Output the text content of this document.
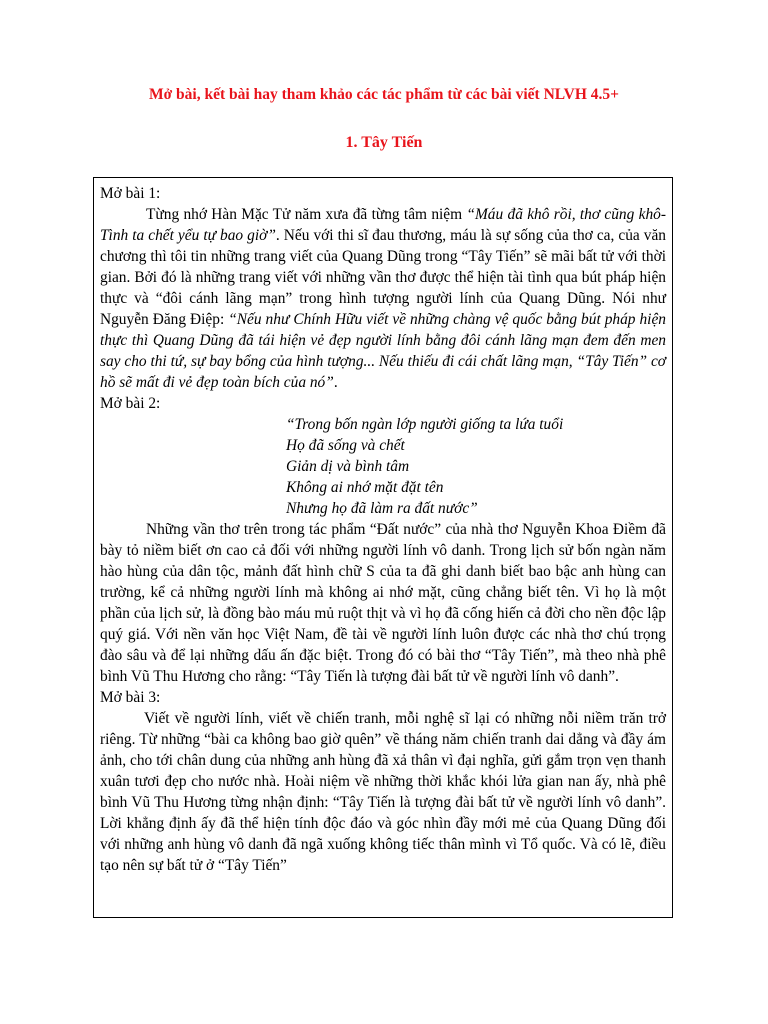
Mở bài, kết bài hay tham khảo các tác phẩm từ các bài viết NLVH 4.5+
1. Tây Tiến

Mở bài 1:

Từng nhớ Hàn Mặc Tử năm xưa đã từng tâm niệm “Máu đã khô rồi, thơ cũng khô-Tình ta chết yểu tự bao giờ”. Nếu với thi sĩ đau thương, máu là sự sống của thơ ca, của văn chương thì tôi tin những trang viết của Quang Dũng trong “Tây Tiến” sẽ mãi bất tử với thời gian. Bởi đó là những trang viết với những vần thơ được thể hiện tài tình qua bút pháp hiện thực và “đôi cánh lãng mạn” trong hình tượng người lính của Quang Dũng. Nói như Nguyễn Đăng Điệp: “Nếu như Chính Hữu viết về những chàng vệ quốc bằng bút pháp hiện thực thì Quang Dũng đã tái hiện vẻ đẹp người lính bằng đôi cánh lãng mạn đem đến men say cho thi tứ, sự bay bổng của hình tượng... Nếu thiếu đi cái chất lãng mạn, “Tây Tiến” cơ hồ sẽ mất đi vẻ đẹp toàn bích của nó”.

Mở bài 2:

“Trong bốn ngàn lớp người giống ta lứa tuổi
Họ đã sống và chết
Giản dị và bình tâm
Không ai nhớ mặt đặt tên
Nhưng họ đã làm ra đất nước”

Những vần thơ trên trong tác phẩm “Đất nước” của nhà thơ Nguyễn Khoa Điềm đã bày tỏ niềm biết ơn cao cả đối với những người lính vô danh. Trong lịch sử bốn ngàn năm hào hùng của dân tộc, mảnh đất hình chữ S của ta đã ghi danh biết bao bậc anh hùng can trường, kể cả những người lính mà không ai nhớ mặt, cũng chẳng biết tên. Vì họ là một phần của lịch sử, là đồng bào máu mủ ruột thịt và vì họ đã cống hiến cả đời cho nền độc lập quý giá. Với nền văn học Việt Nam, đề tài về người lính luôn được các nhà thơ chú trọng đào sâu và để lại những dấu ấn đặc biệt. Trong đó có bài thơ “Tây Tiến”, mà theo nhà phê bình Vũ Thu Hương cho rằng: “Tây Tiến là tượng đài bất tử về người lính vô danh”.

Mở bài 3:

Viết về người lính, viết về chiến tranh, mỗi nghệ sĩ lại có những nỗi niềm trăn trở riêng. Từ những “bài ca không bao giờ quên” về tháng năm chiến tranh dai dẳng và đầy ám ảnh, cho tới chân dung của những anh hùng đã xả thân vì đại nghĩa, gửi gắm trọn vẹn thanh xuân tươi đẹp cho nước nhà. Hoài niệm về những thời khắc khói lửa gian nan ấy, nhà phê bình Vũ Thu Hương từng nhận định: “Tây Tiến là tượng đài bất tử về người lính vô danh”. Lời khẳng định ấy đã thể hiện tính độc đáo và góc nhìn đầy mới mẻ của Quang Dũng đối với những anh hùng vô danh đã ngã xuống không tiếc thân mình vì Tổ quốc. Và có lẽ, điều tạo nên sự bất tử ở “Tây Tiến”
